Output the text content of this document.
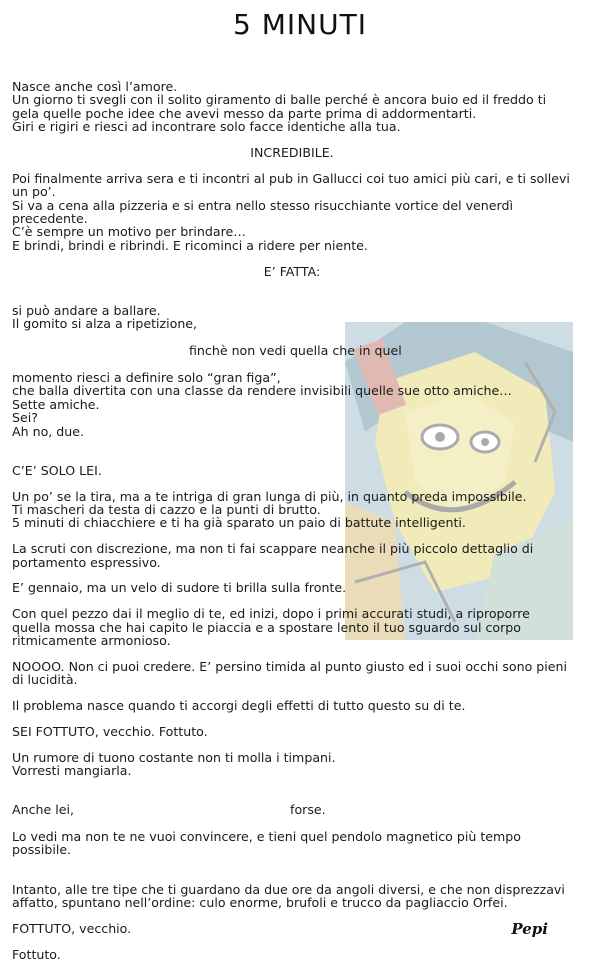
5 MINUTI

Nasce anche così l’amore.
Un giorno ti svegli con il solito giramento di balle perché è ancora buio ed il freddo ti gela quelle poche idee che avevi messo da parte prima di addormentarti.
Giri e rigiri e riesci ad incontrare solo facce identiche alla tua.

INCREDIBILE.

Poi finalmente arriva sera e ti incontri al pub in Gallucci coi tuo amici più cari, e ti sollevi un po’.
Si va a cena alla pizzeria e si entra nello stesso risucchiante vortice del venerdì precedente.
C’è sempre un motivo per brindare…
E brindi, brindi e ribrindi. E ricominci a ridere per niente.

E’ FATTA:

si può andare a ballare.
Il gomito si alza a ripetizione,

finchè non vedi quella che in quel

momento riesci a definire solo “gran figa”,
che balla divertita con una classe da rendere invisibili quelle sue otto amiche…
Sette amiche.
Sei?
Ah no, due.

C’E’ SOLO LEI.

Un po’ se la tira, ma a te intriga di gran lunga di più, in quanto preda impossibile.
Ti mascheri da testa di cazzo e la punti di brutto.
5 minuti di chiacchiere e ti ha già sparato un paio di battute intelligenti.

La scruti con discrezione, ma non ti fai scappare neanche il più piccolo dettaglio di portamento espressivo.

E’ gennaio, ma un velo di sudore ti brilla sulla fronte.

Con quel pezzo dai il meglio di te, ed inizi, dopo i primi accurati studi, a riproporre quella mossa che hai capito le piaccia e a spostare lento il tuo sguardo sul corpo ritmicamente armonioso.

NOOOO. Non ci puoi credere. E’ persino timida al punto giusto ed i suoi occhi sono pieni di lucidità.

Il problema nasce quando ti accorgi degli effetti di tutto questo su di te.

SEI FOTTUTO, vecchio. Fottuto.

Un rumore di tuono costante non ti molla i timpani.
Vorresti mangiarla.

Anche lei,	forse.

Lo vedi ma non te ne vuoi convincere, e tieni quel pendolo magnetico più tempo possibile.

Intanto, alle tre tipe che ti guardano da due ore da angoli diversi, e che non disprezzavi affatto, spuntano nell’ordine: culo enorme, brufoli e trucco da pagliaccio Orfei.

FOTTUTO, vecchio.

Fottuto.

Pepi
